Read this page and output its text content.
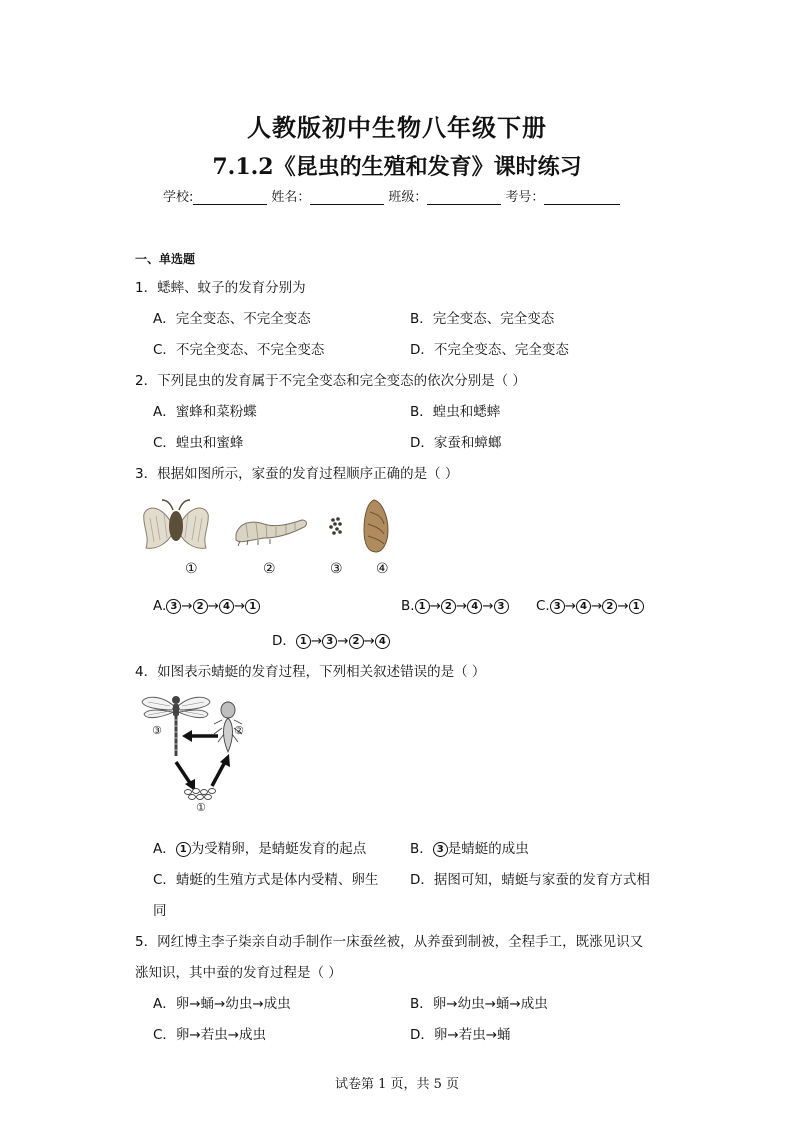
人教版初中生物八年级下册
7.1.2《昆虫的生殖和发育》课时练习
学校:	姓名：	班级：	考号：
一、单选题
1．蟋蟀、蚊子的发育分别为
A．完全变态、不完全变态	B．完全变态、完全变态
C．不完全变态、不完全变态	D．不完全变态、完全变态
2．下列昆虫的发育属于不完全变态和完全变态的依次分别是（ ）
A．蜜蜂和菜粉蝶	B．蝗虫和蟋蟀
C．蝗虫和蜜蜂	D．家蚕和蟑螂
3．根据如图所示，家蚕的发育过程顺序正确的是（ ）
①	②	③ ④
A. 3 → 2 → 4 → 1	B. 1 → 2 → 4 → 3 C. 3 → 4 → 2 → 1
D． 1 → 3 → 2 → 4
4．如图表示蜻蜓的发育过程，下列相关叙述错误的是（ ）
③	②
①
A． 1 为受精卵，是蜻蜓发育的起点	B． 3 是蜻蜓的成虫
C．蜻蜓的生殖方式是体内受精、卵生 D．据图可知，蜻蜓与家蚕的发育方式相
同
5．网红博主李子柒亲自动手制作一床蚕丝被，从养蚕到制被，全程手工，既涨见识又
涨知识，其中蚕的发育过程是（ ）
A．卵→蛹→幼虫→成虫	B．卵→幼虫→蛹→成虫
C．卵→若虫→成虫	D．卵→若虫→蛹
试卷第 1 页，共 5 页
